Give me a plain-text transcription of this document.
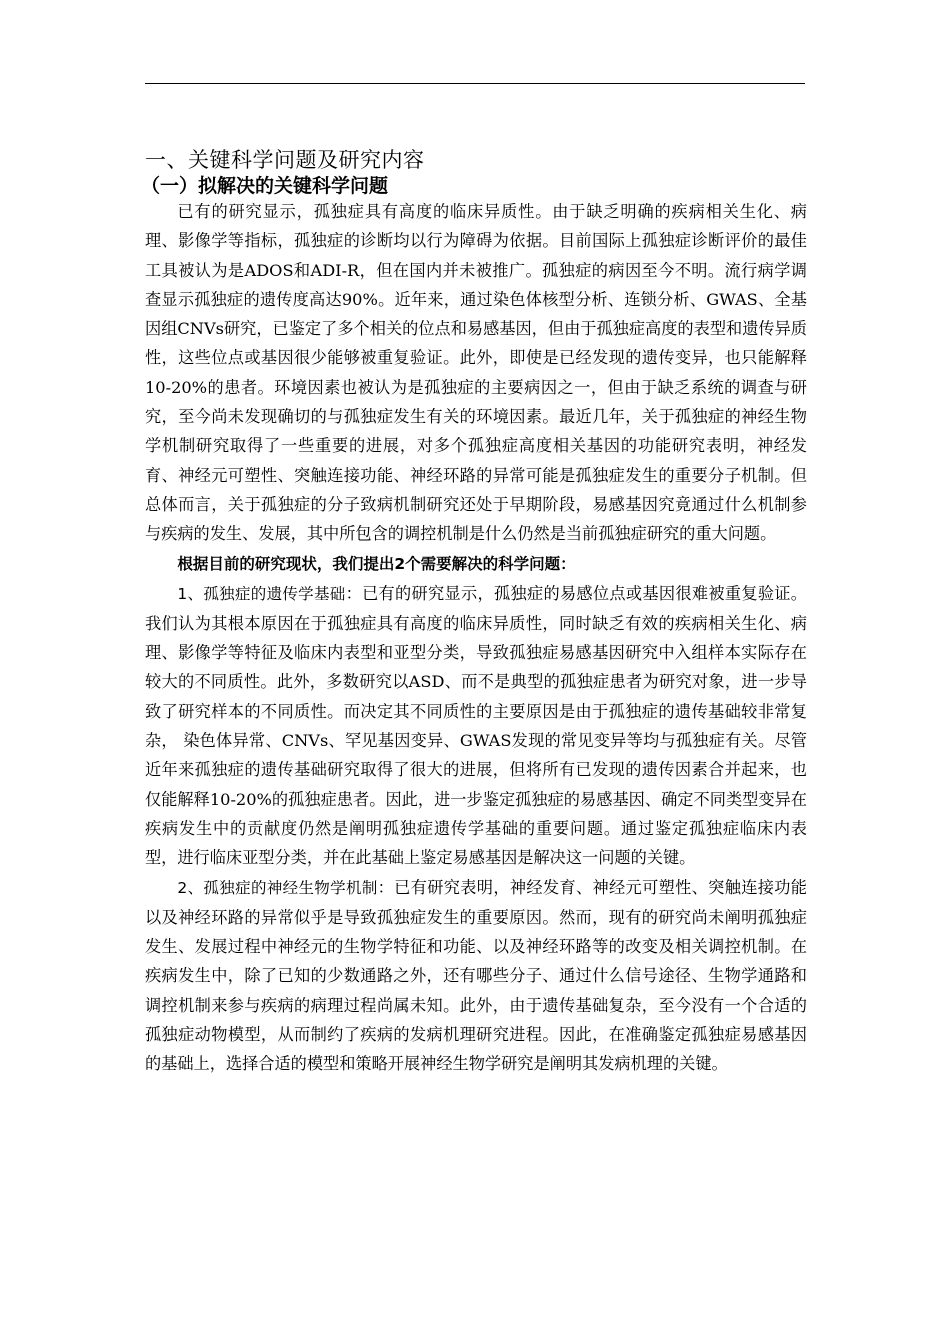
一、关键科学问题及研究内容
（一）拟解决的关键科学问题

已有的研究显示，孤独症具有高度的临床异质性。由于缺乏明确的疾病相关生化、病理、影像学等指标，孤独症的诊断均以行为障碍为依据。目前国际上孤独症诊断评价的最佳工具被认为是ADOS和ADI-R，但在国内并未被推广。孤独症的病因至今不明。流行病学调查显示孤独症的遗传度高达90%。近年来，通过染色体核型分析、连锁分析、GWAS、全基因组CNVs研究，已鉴定了多个相关的位点和易感基因，但由于孤独症高度的表型和遗传异质性，这些位点或基因很少能够被重复验证。此外，即使是已经发现的遗传变异，也只能解释10-20%的患者。环境因素也被认为是孤独症的主要病因之一，但由于缺乏系统的调查与研究，至今尚未发现确切的与孤独症发生有关的环境因素。最近几年，关于孤独症的神经生物学机制研究取得了一些重要的进展，对多个孤独症高度相关基因的功能研究表明，神经发育、神经元可塑性、突触连接功能、神经环路的异常可能是孤独症发生的重要分子机制。但总体而言，关于孤独症的分子致病机制研究还处于早期阶段，易感基因究竟通过什么机制参与疾病的发生、发展，其中所包含的调控机制是什么仍然是当前孤独症研究的重大问题。

根据目前的研究现状，我们提出2个需要解决的科学问题：

1、孤独症的遗传学基础：已有的研究显示，孤独症的易感位点或基因很难被重复验证。我们认为其根本原因在于孤独症具有高度的临床异质性，同时缺乏有效的疾病相关生化、病理、影像学等特征及临床内表型和亚型分类，导致孤独症易感基因研究中入组样本实际存在较大的不同质性。此外，多数研究以ASD、而不是典型的孤独症患者为研究对象，进一步导致了研究样本的不同质性。而决定其不同质性的主要原因是由于孤独症的遗传基础较非常复杂， 染色体异常、CNVs、罕见基因变异、GWAS发现的常见变异等均与孤独症有关。尽管近年来孤独症的遗传基础研究取得了很大的进展，但将所有已发现的遗传因素合并起来，也仅能解释10-20%的孤独症患者。因此，进一步鉴定孤独症的易感基因、确定不同类型变异在疾病发生中的贡献度仍然是阐明孤独症遗传学基础的重要问题。通过鉴定孤独症临床内表型，进行临床亚型分类，并在此基础上鉴定易感基因是解决这一问题的关键。

2、孤独症的神经生物学机制：已有研究表明，神经发育、神经元可塑性、突触连接功能以及神经环路的异常似乎是导致孤独症发生的重要原因。然而，现有的研究尚未阐明孤独症发生、发展过程中神经元的生物学特征和功能、以及神经环路等的改变及相关调控机制。在疾病发生中，除了已知的少数通路之外，还有哪些分子、通过什么信号途径、生物学通路和调控机制来参与疾病的病理过程尚属未知。此外，由于遗传基础复杂，至今没有一个合适的孤独症动物模型，从而制约了疾病的发病机理研究进程。因此，在准确鉴定孤独症易感基因的基础上，选择合适的模型和策略开展神经生物学研究是阐明其发病机理的关键。
